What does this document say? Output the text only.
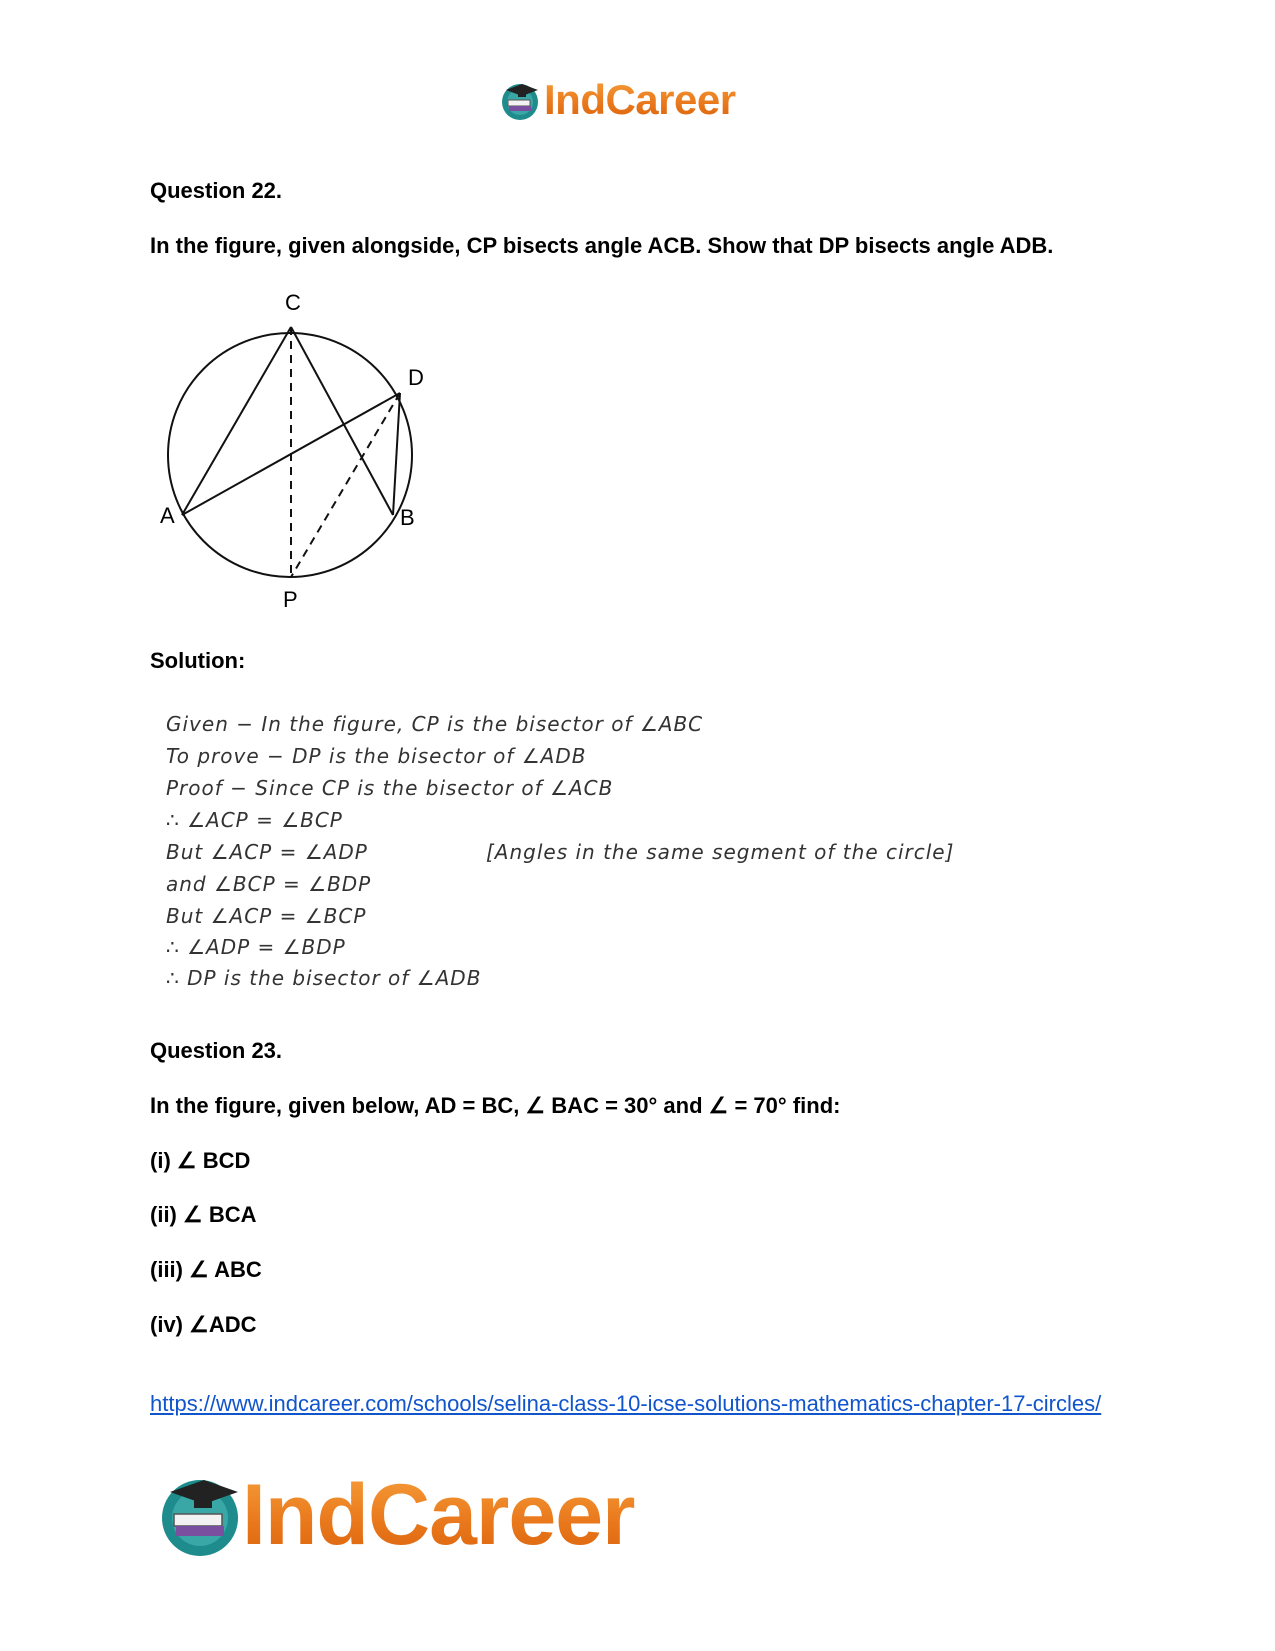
IndCareer
Question 22.
In the figure, given alongside, CP bisects angle ACB. Show that DP bisects angle ADB.
C
D
A	B
P
Solution:
Given − In the figure, CP is the bisector of ∠ABC
To prove − DP is the bisector of ∠ADB
Proof − Since CP is the bisector of ∠ACB
∴ ∠ACP = ∠BCP
But ∠ACP = ∠ADP	[Angles in the same segment of the circle]
and ∠BCP = ∠BDP
But ∠ACP = ∠BCP
∴ ∠ADP = ∠BDP
∴ DP is the bisector of ∠ADB
Question 23.
In the figure, given below, AD = BC, ∠ BAC = 30° and ∠ = 70° find:
(i) ∠ BCD
(ii) ∠ BCA
(iii) ∠ ABC
(iv) ∠ADC
https://www.indcareer.com/schools/selina-class-10-icse-solutions-mathematics-chapter-17-circles/
IndCareer
